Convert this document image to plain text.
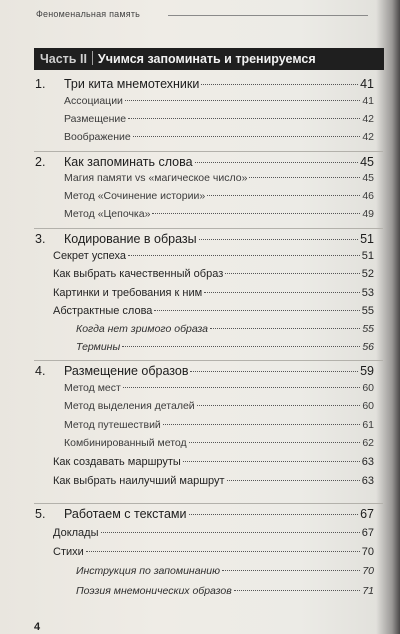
Феноменальная память
Часть II Учимся запоминать и тренируемся
1. Три кита мнемотехники	41
Ассоциации	41
Размещение	42
Воображение	42
2. Как запоминать слова	45
Магия памяти vs «магическое число»	45
Метод «Сочинение истории»	46
Метод «Цепочка»	49
3. Кодирование в образы	51
Секрет успеха	51
Как выбрать качественный образ	52
Картинки и требования к ним	53
Абстрактные слова	55
Когда нет зримого образа	55
Термины	56
4. Размещение образов	59
Метод мест	60
Метод выделения деталей	60
Метод путешествий	61
Комбинированный метод	62
Как создавать маршруты	63
Как выбрать наилучший маршрут	63
5. Работаем с текстами	67
Доклады	67
Стихи	70
Инструкция по запоминанию	70
Поэзия мнемонических образов	71
4
